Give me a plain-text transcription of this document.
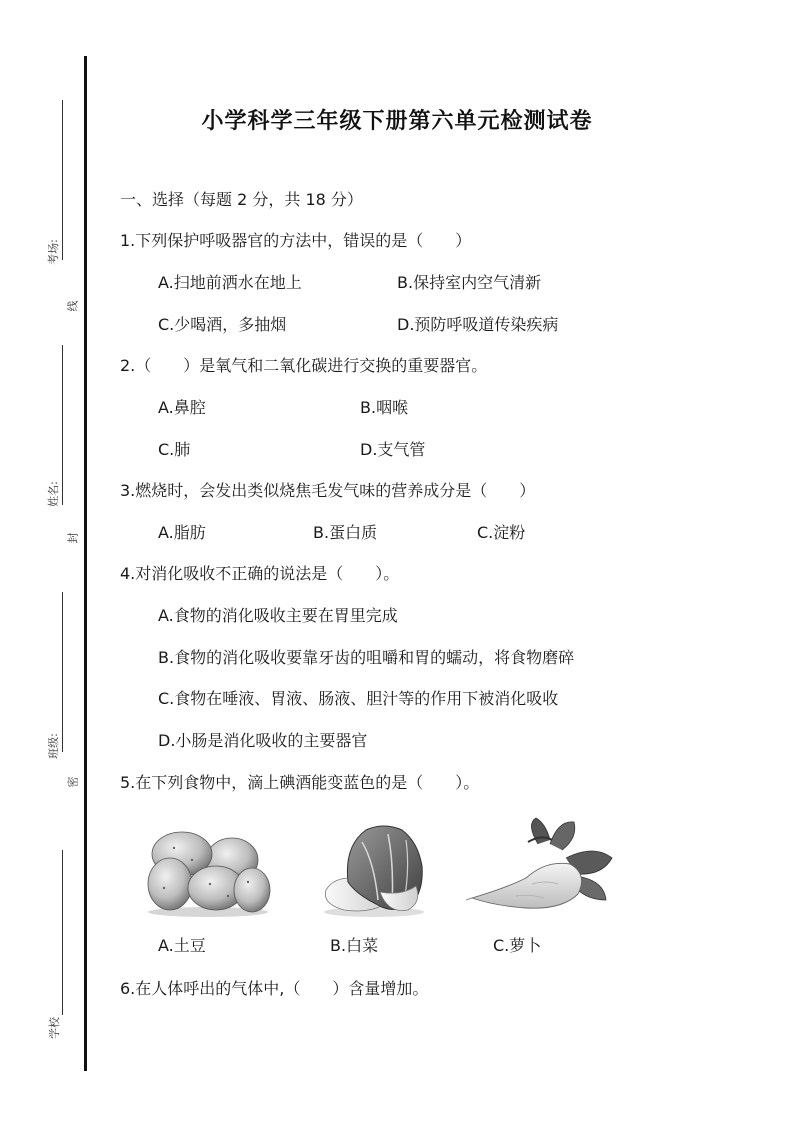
考场:
线
姓名:
封
班级:
密
学校
小学科学三年级下册第六单元检测试卷
一、选择（每题 2 分，共 18 分）
1.下列保护呼吸器官的方法中，错误的是（　　）
A.扫地前洒水在地上	B.保持室内空气清新
C.少喝酒，多抽烟	D.预防呼吸道传染疾病
2.（　　）是氧气和二氧化碳进行交换的重要器官。
A.鼻腔	B.咽喉
C.肺	D.支气管
3.燃烧时，会发出类似烧焦毛发气味的营养成分是（　　）
A.脂肪	B.蛋白质	C.淀粉
4.对消化吸收不正确的说法是（　　）。
A.食物的消化吸收主要在胃里完成
B.食物的消化吸收要靠牙齿的咀嚼和胃的蠕动，将食物磨碎
C.食物在唾液、胃液、肠液、胆汁等的作用下被消化吸收
D.小肠是消化吸收的主要器官
5.在下列食物中，滴上碘酒能变蓝色的是（　　）。
A.土豆	B.白菜	C.萝卜
6.在人体呼出的气体中,（　　）含量增加。
